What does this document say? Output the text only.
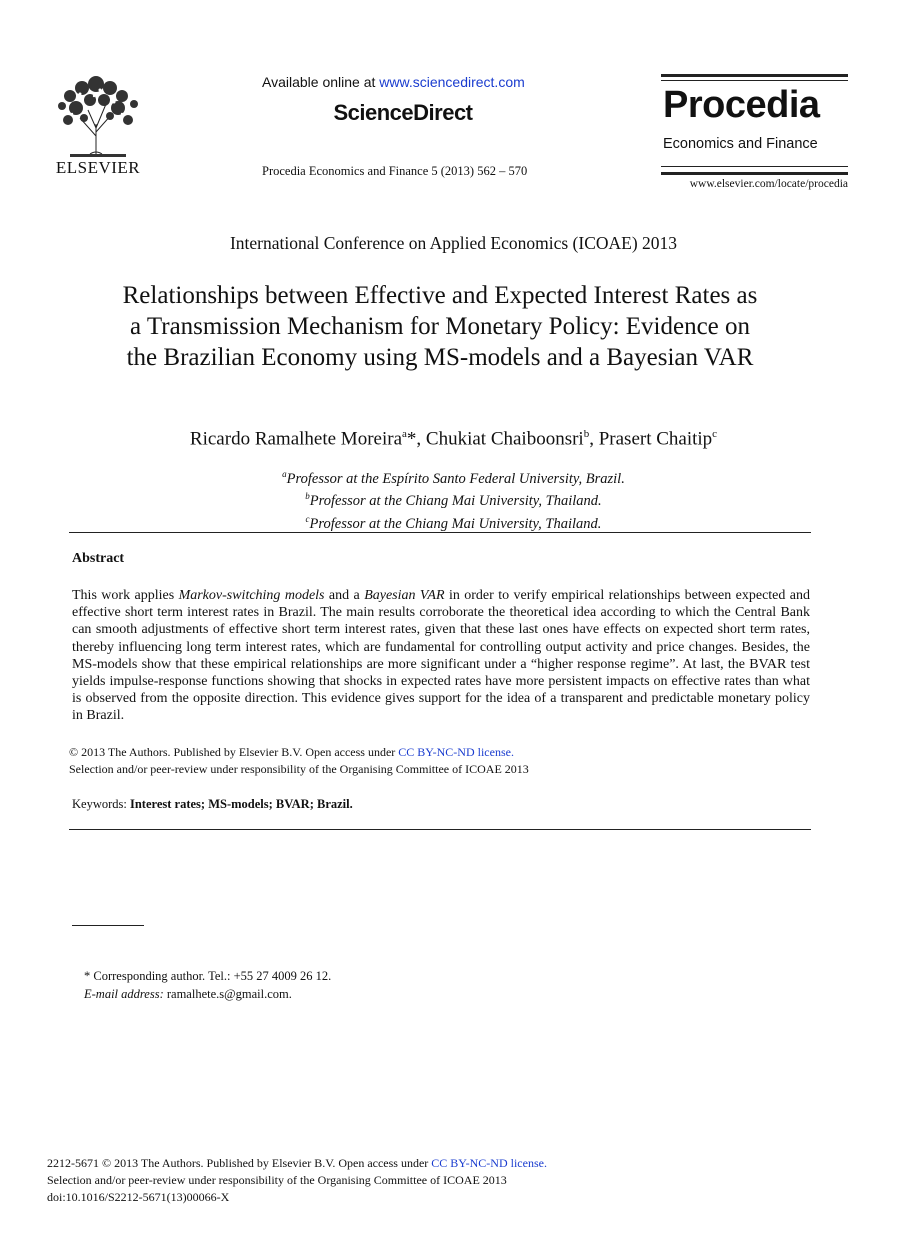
ELSEVIER
Available online at www.sciencedirect.com
ScienceDirect
Procedia Economics and Finance 5 (2013) 562 – 570
Procedia
Economics and Finance
www.elsevier.com/locate/procedia
International Conference on Applied Economics (ICOAE) 2013
Relationships between Effective and Expected Interest Rates as
a Transmission Mechanism for Monetary Policy: Evidence on
the Brazilian Economy using MS-models and a Bayesian VAR
Ricardo Ramalhete Moreira$^a$*, Chukiat Chaiboonsri$^b$, Prasert Chaitip$^c$
$^a$Professor at the Espírito Santo Federal University, Brazil.
$^b$Professor at the Chiang Mai University, Thailand.
$^c$Professor at the Chiang Mai University, Thailand.
Abstract
This work applies Markov-switching models and a Bayesian VAR in order to verify empirical relationships between expected and effective short term interest rates in Brazil. The main results corroborate the theoretical idea according to which the Central Bank can smooth adjustments of effective short term interest rates, given that these last ones have effects on expected short term rates, thereby influencing long term interest rates, which are fundamental for controlling output activity and price changes. Besides, the MS-models show that these empirical relationships are more significant under a “higher response regime”. At last, the BVAR test yields impulse-response functions showing that shocks in expected rates have more persistent impacts on effective rates than what is observed from the opposite direction. This evidence gives support for the idea of a transparent and predictable monetary policy in Brazil.
© 2013 The Authors. Published by Elsevier B.V. Open access under CC BY-NC-ND license.
Selection and/or peer-review under responsibility of the Organising Committee of ICOAE 2013
Keywords: Interest rates; MS-models; BVAR; Brazil.
* Corresponding author. Tel.: +55 27 4009 26 12.
E-mail address: ramalhete.s@gmail.com.
2212-5671 © 2013 The Authors. Published by Elsevier B.V. Open access under CC BY-NC-ND license.
Selection and/or peer-review under responsibility of the Organising Committee of ICOAE 2013
doi:10.1016/S2212-5671(13)00066-X
